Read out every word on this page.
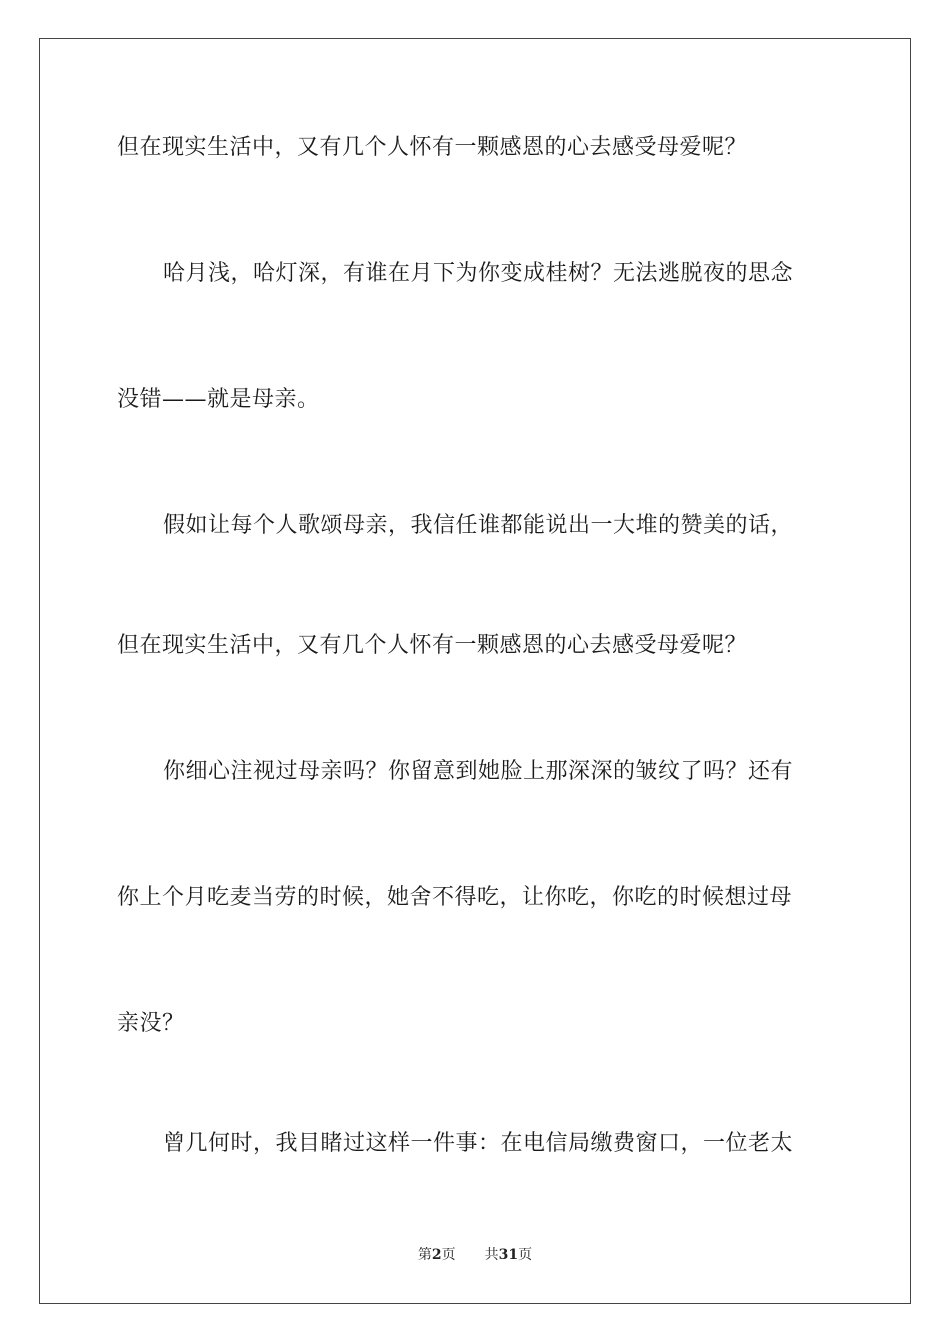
但在现实生活中，又有几个人怀有一颗感恩的心去感受母爱呢？
哈月浅，哈灯深，有谁在月下为你变成桂树？无法逃脱夜的思念
没错——就是母亲。
假如让每个人歌颂母亲，我信任谁都能说出一大堆的赞美的话，
但在现实生活中，又有几个人怀有一颗感恩的心去感受母爱呢？
你细心注视过母亲吗？你留意到她脸上那深深的皱纹了吗？还有
你上个月吃麦当劳的时候，她舍不得吃，让你吃，你吃的时候想过母
亲没？
曾几何时，我目睹过这样一件事：在电信局缴费窗口，一位老太
第2页 共31页
